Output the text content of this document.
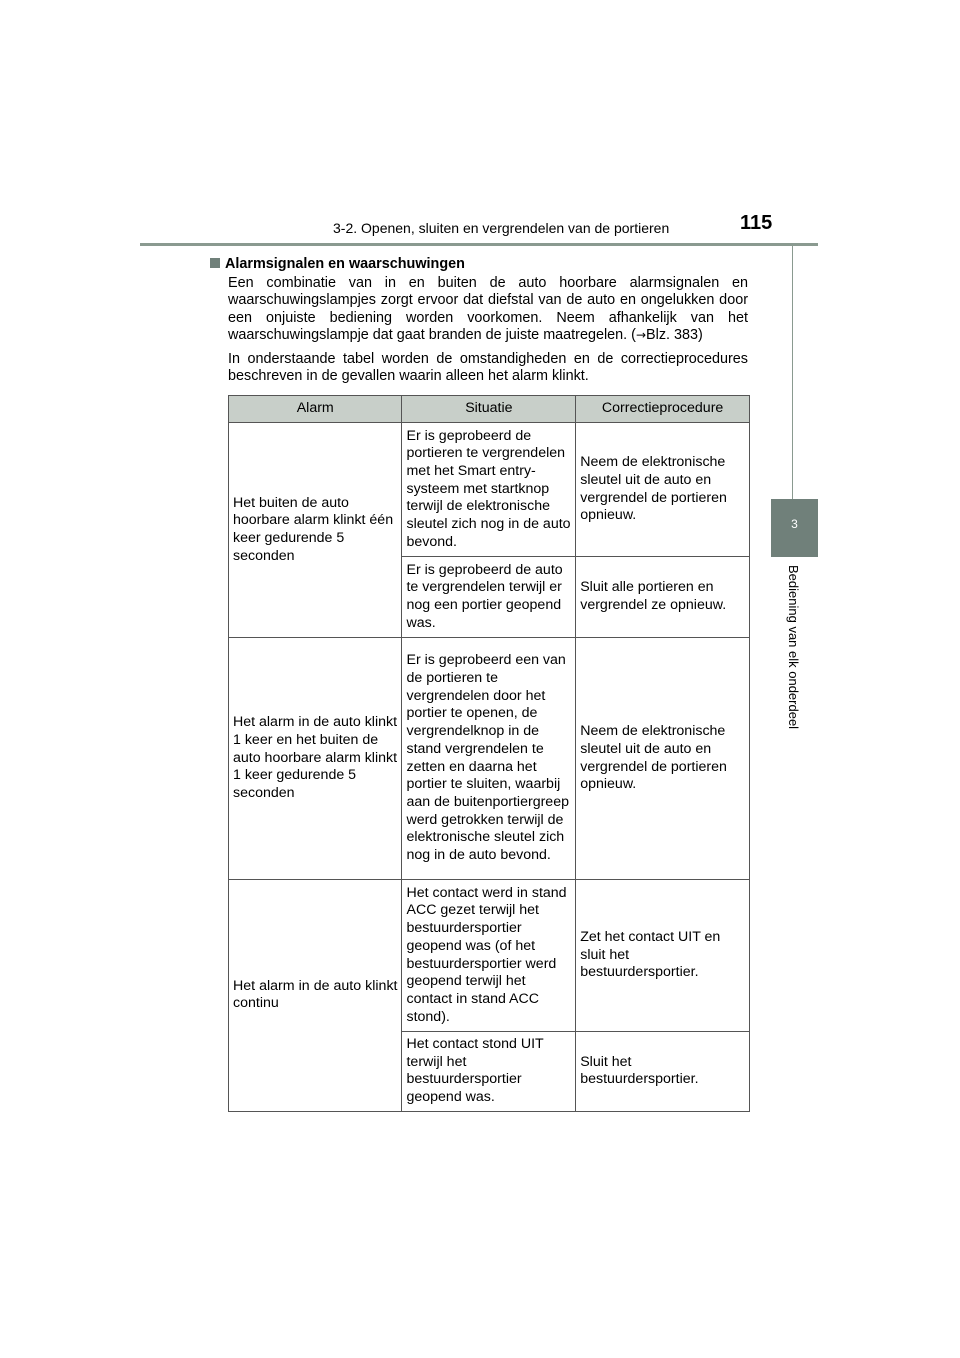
3-2. Openen, sluiten en vergrendelen van de portieren	115
3
Bediening van elk onderdeel
Alarmsignalen en waarschuwingen

Een combinatie van in en buiten de auto hoorbare alarmsignalen en waarschuwingslampjes zorgt ervoor dat diefstal van de auto en ongelukken door een onjuiste bediening worden voorkomen. Neem afhankelijk van het waarschuwingslampje dat gaat branden de juiste maatregelen. (→Blz. 383)

In onderstaande tabel worden de omstandigheden en de correctieprocedures beschreven in de gevallen waarin alleen het alarm klinkt.

Alarm	Situatie	Correctieprocedure
Het buiten de auto hoorbare alarm klinkt één keer gedurende 5 seconden	Er is geprobeerd de portieren te vergrendelen met het Smart entry-systeem met startknop terwijl de elektronische sleutel zich nog in de auto bevond.	Neem de elektronische sleutel uit de auto en vergrendel de portieren opnieuw.
	Er is geprobeerd de auto te vergrendelen terwijl er nog een portier geopend was.	Sluit alle portieren en vergrendel ze opnieuw.
Het alarm in de auto klinkt 1 keer en het buiten de auto hoorbare alarm klinkt 1 keer gedurende 5 seconden	Er is geprobeerd een van de portieren te vergrendelen door het portier te openen, de vergrendelknop in de stand vergrendelen te zetten en daarna het portier te sluiten, waarbij aan de buitenportiergreep werd getrokken terwijl de elektronische sleutel zich nog in de auto bevond.	Neem de elektronische sleutel uit de auto en vergrendel de portieren opnieuw.
Het alarm in de auto klinkt continu	Het contact werd in stand ACC gezet terwijl het bestuurdersportier geopend was (of het bestuurdersportier werd geopend terwijl het contact in stand ACC stond).	Zet het contact UIT en sluit het bestuurdersportier.
	Het contact stond UIT terwijl het bestuurdersportier geopend was.	Sluit het bestuurdersportier.
